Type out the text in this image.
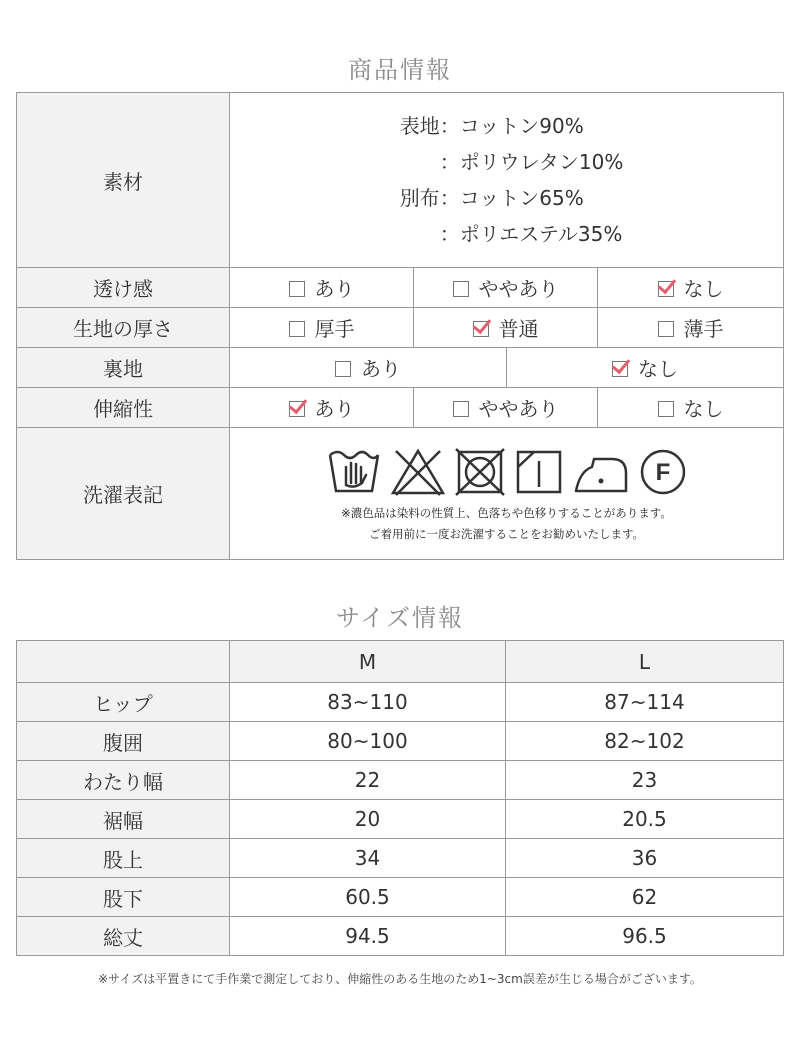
商品情報
素材	表地：コットン90%
：ポリウレタン10%
別布：コットン65%
：ポリエステル35%			

透け感	あり	ややあり		なし
生地の厚さ	厚手	普通		薄手
裏地	あり		なし	
伸縮性	あり	ややあり		なし
洗濯表記	F
※濃色品は染料の性質上、色落ちや色移りすることがあります。
ご着用前に一度お洗濯することをお勧めいたします。			
サイズ情報
	M	L
ヒップ	83~110	87~114
腹囲	80~100	82~102
わたり幅	22	23
裾幅	20	20.5
股上	34	36
股下	60.5	62
総丈	94.5	96.5
※サイズは平置きにて手作業で測定しており、伸縮性のある生地のため1~3cm誤差が生じる場合がございます。
